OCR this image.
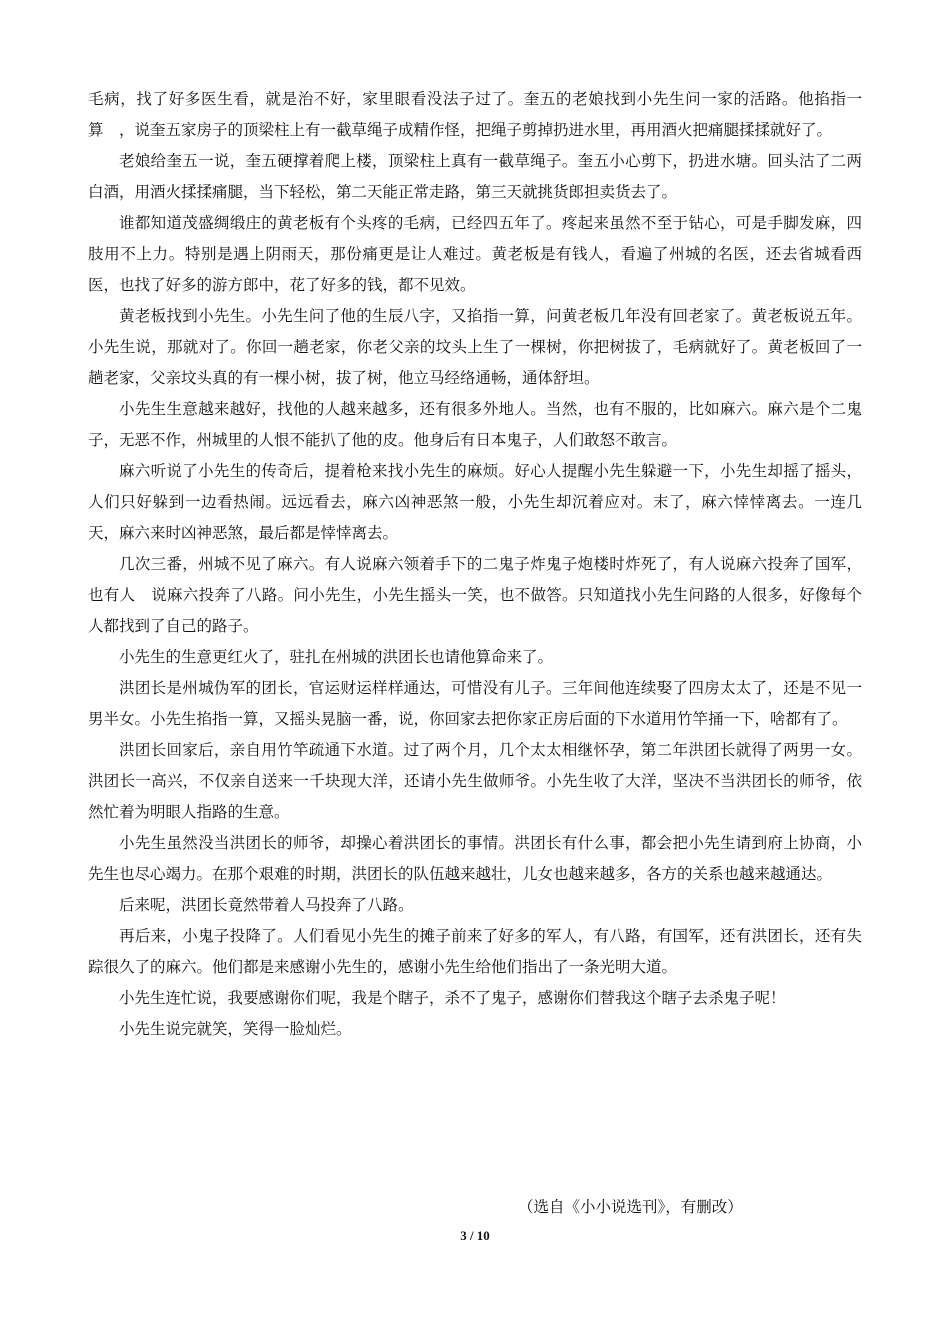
毛病，找了好多医生看，就是治不好，家里眼看没法子过了。奎五的老娘找到小先生问一家的活路。他掐指一算　，说奎五家房子的顶梁柱上有一截草绳子成精作怪，把绳子剪掉扔进水里，再用酒火把痛腿揉揉就好了。

老娘给奎五一说，奎五硬撑着爬上楼，顶梁柱上真有一截草绳子。奎五小心剪下，扔进水塘。回头沽了二两白酒，用酒火揉揉痛腿，当下轻松，第二天能正常走路，第三天就挑货郎担卖货去了。

谁都知道茂盛绸缎庄的黄老板有个头疼的毛病，已经四五年了。疼起来虽然不至于钻心，可是手脚发麻，四肢用不上力。特别是遇上阴雨天，那份痛更是让人难过。黄老板是有钱人，看遍了州城的名医，还去省城看西医，也找了好多的游方郎中，花了好多的钱，都不见效。

黄老板找到小先生。小先生问了他的生辰八字，又掐指一算，问黄老板几年没有回老家了。黄老板说五年。小先生说，那就对了。你回一趟老家，你老父亲的坟头上生了一棵树，你把树拔了，毛病就好了。黄老板回了一趟老家，父亲坟头真的有一棵小树，拔了树，他立马经络通畅，通体舒坦。

小先生生意越来越好，找他的人越来越多，还有很多外地人。当然，也有不服的，比如麻六。麻六是个二鬼子，无恶不作，州城里的人恨不能扒了他的皮。他身后有日本鬼子，人们敢怒不敢言。

麻六听说了小先生的传奇后，提着枪来找小先生的麻烦。好心人提醒小先生躲避一下，小先生却摇了摇头，人们只好躲到一边看热闹。远远看去，麻六凶神恶煞一般，小先生却沉着应对。末了，麻六悻悻离去。一连几天，麻六来时凶神恶煞，最后都是悻悻离去。

几次三番，州城不见了麻六。有人说麻六领着手下的二鬼子炸鬼子炮楼时炸死了，有人说麻六投奔了国军，也有人　说麻六投奔了八路。问小先生，小先生摇头一笑，也不做答。只知道找小先生问路的人很多，好像每个人都找到了自己的路子。

小先生的生意更红火了，驻扎在州城的洪团长也请他算命来了。

洪团长是州城伪军的团长，官运财运样样通达，可惜没有儿子。三年间他连续娶了四房太太了，还是不见一男半女。小先生掐指一算，又摇头晃脑一番，说，你回家去把你家正房后面的下水道用竹竿捅一下，啥都有了。

洪团长回家后，亲自用竹竿疏通下水道。过了两个月，几个太太相继怀孕，第二年洪团长就得了两男一女。洪团长一高兴，不仅亲自送来一千块现大洋，还请小先生做师爷。小先生收了大洋，坚决不当洪团长的师爷，依然忙着为明眼人指路的生意。

小先生虽然没当洪团长的师爷，却操心着洪团长的事情。洪团长有什么事，都会把小先生请到府上协商，小先生也尽心竭力。在那个艰难的时期，洪团长的队伍越来越壮，儿女也越来越多，各方的关系也越来越通达。

后来呢，洪团长竟然带着人马投奔了八路。

再后来，小鬼子投降了。人们看见小先生的摊子前来了好多的军人，有八路，有国军，还有洪团长，还有失踪很久了的麻六。他们都是来感谢小先生的，感谢小先生给他们指出了一条光明大道。

小先生连忙说，我要感谢你们呢，我是个瞎子，杀不了鬼子，感谢你们替我这个瞎子去杀鬼子呢！

小先生说完就笑，笑得一脸灿烂。

（选自《小小说选刊》，有删改）
3 / 10
